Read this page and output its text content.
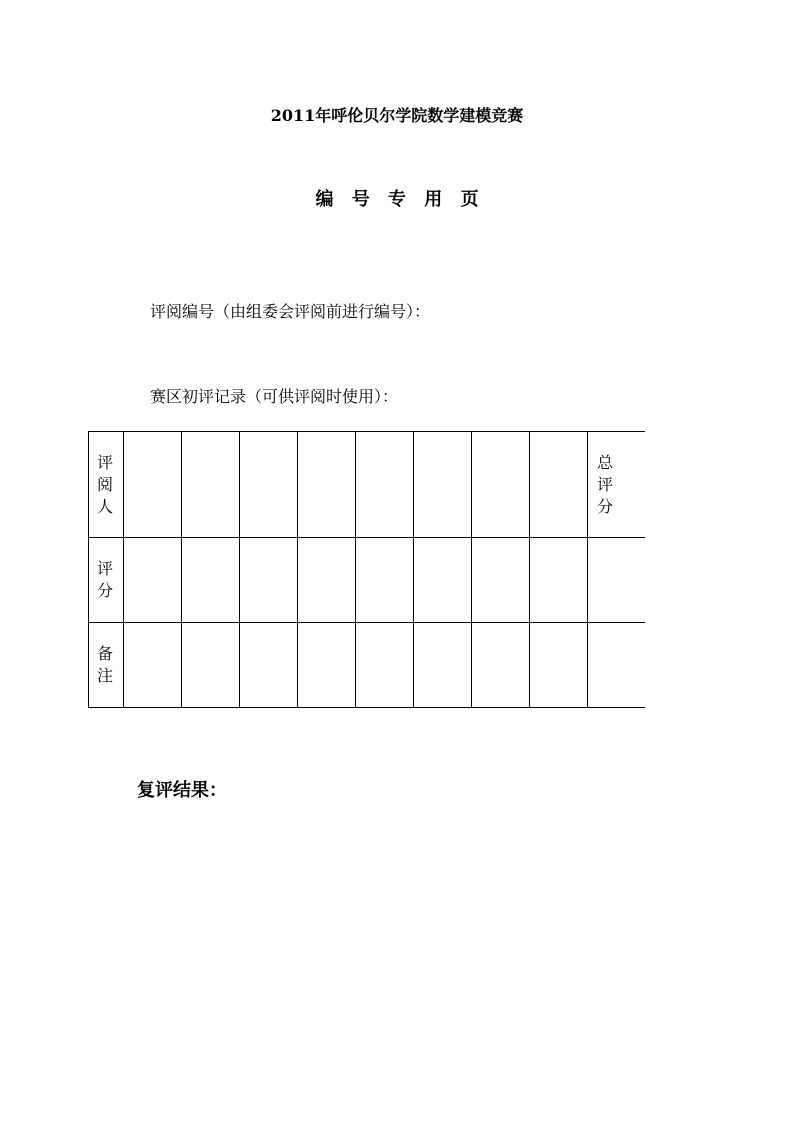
2011年呼伦贝尔学院数学建模竞赛
编 号 专 用 页
评阅编号（由组委会评阅前进行编号）：
赛区初评记录（可供评阅时使用）：
评阅人									总评分

评分									

备注									

复评结果：
